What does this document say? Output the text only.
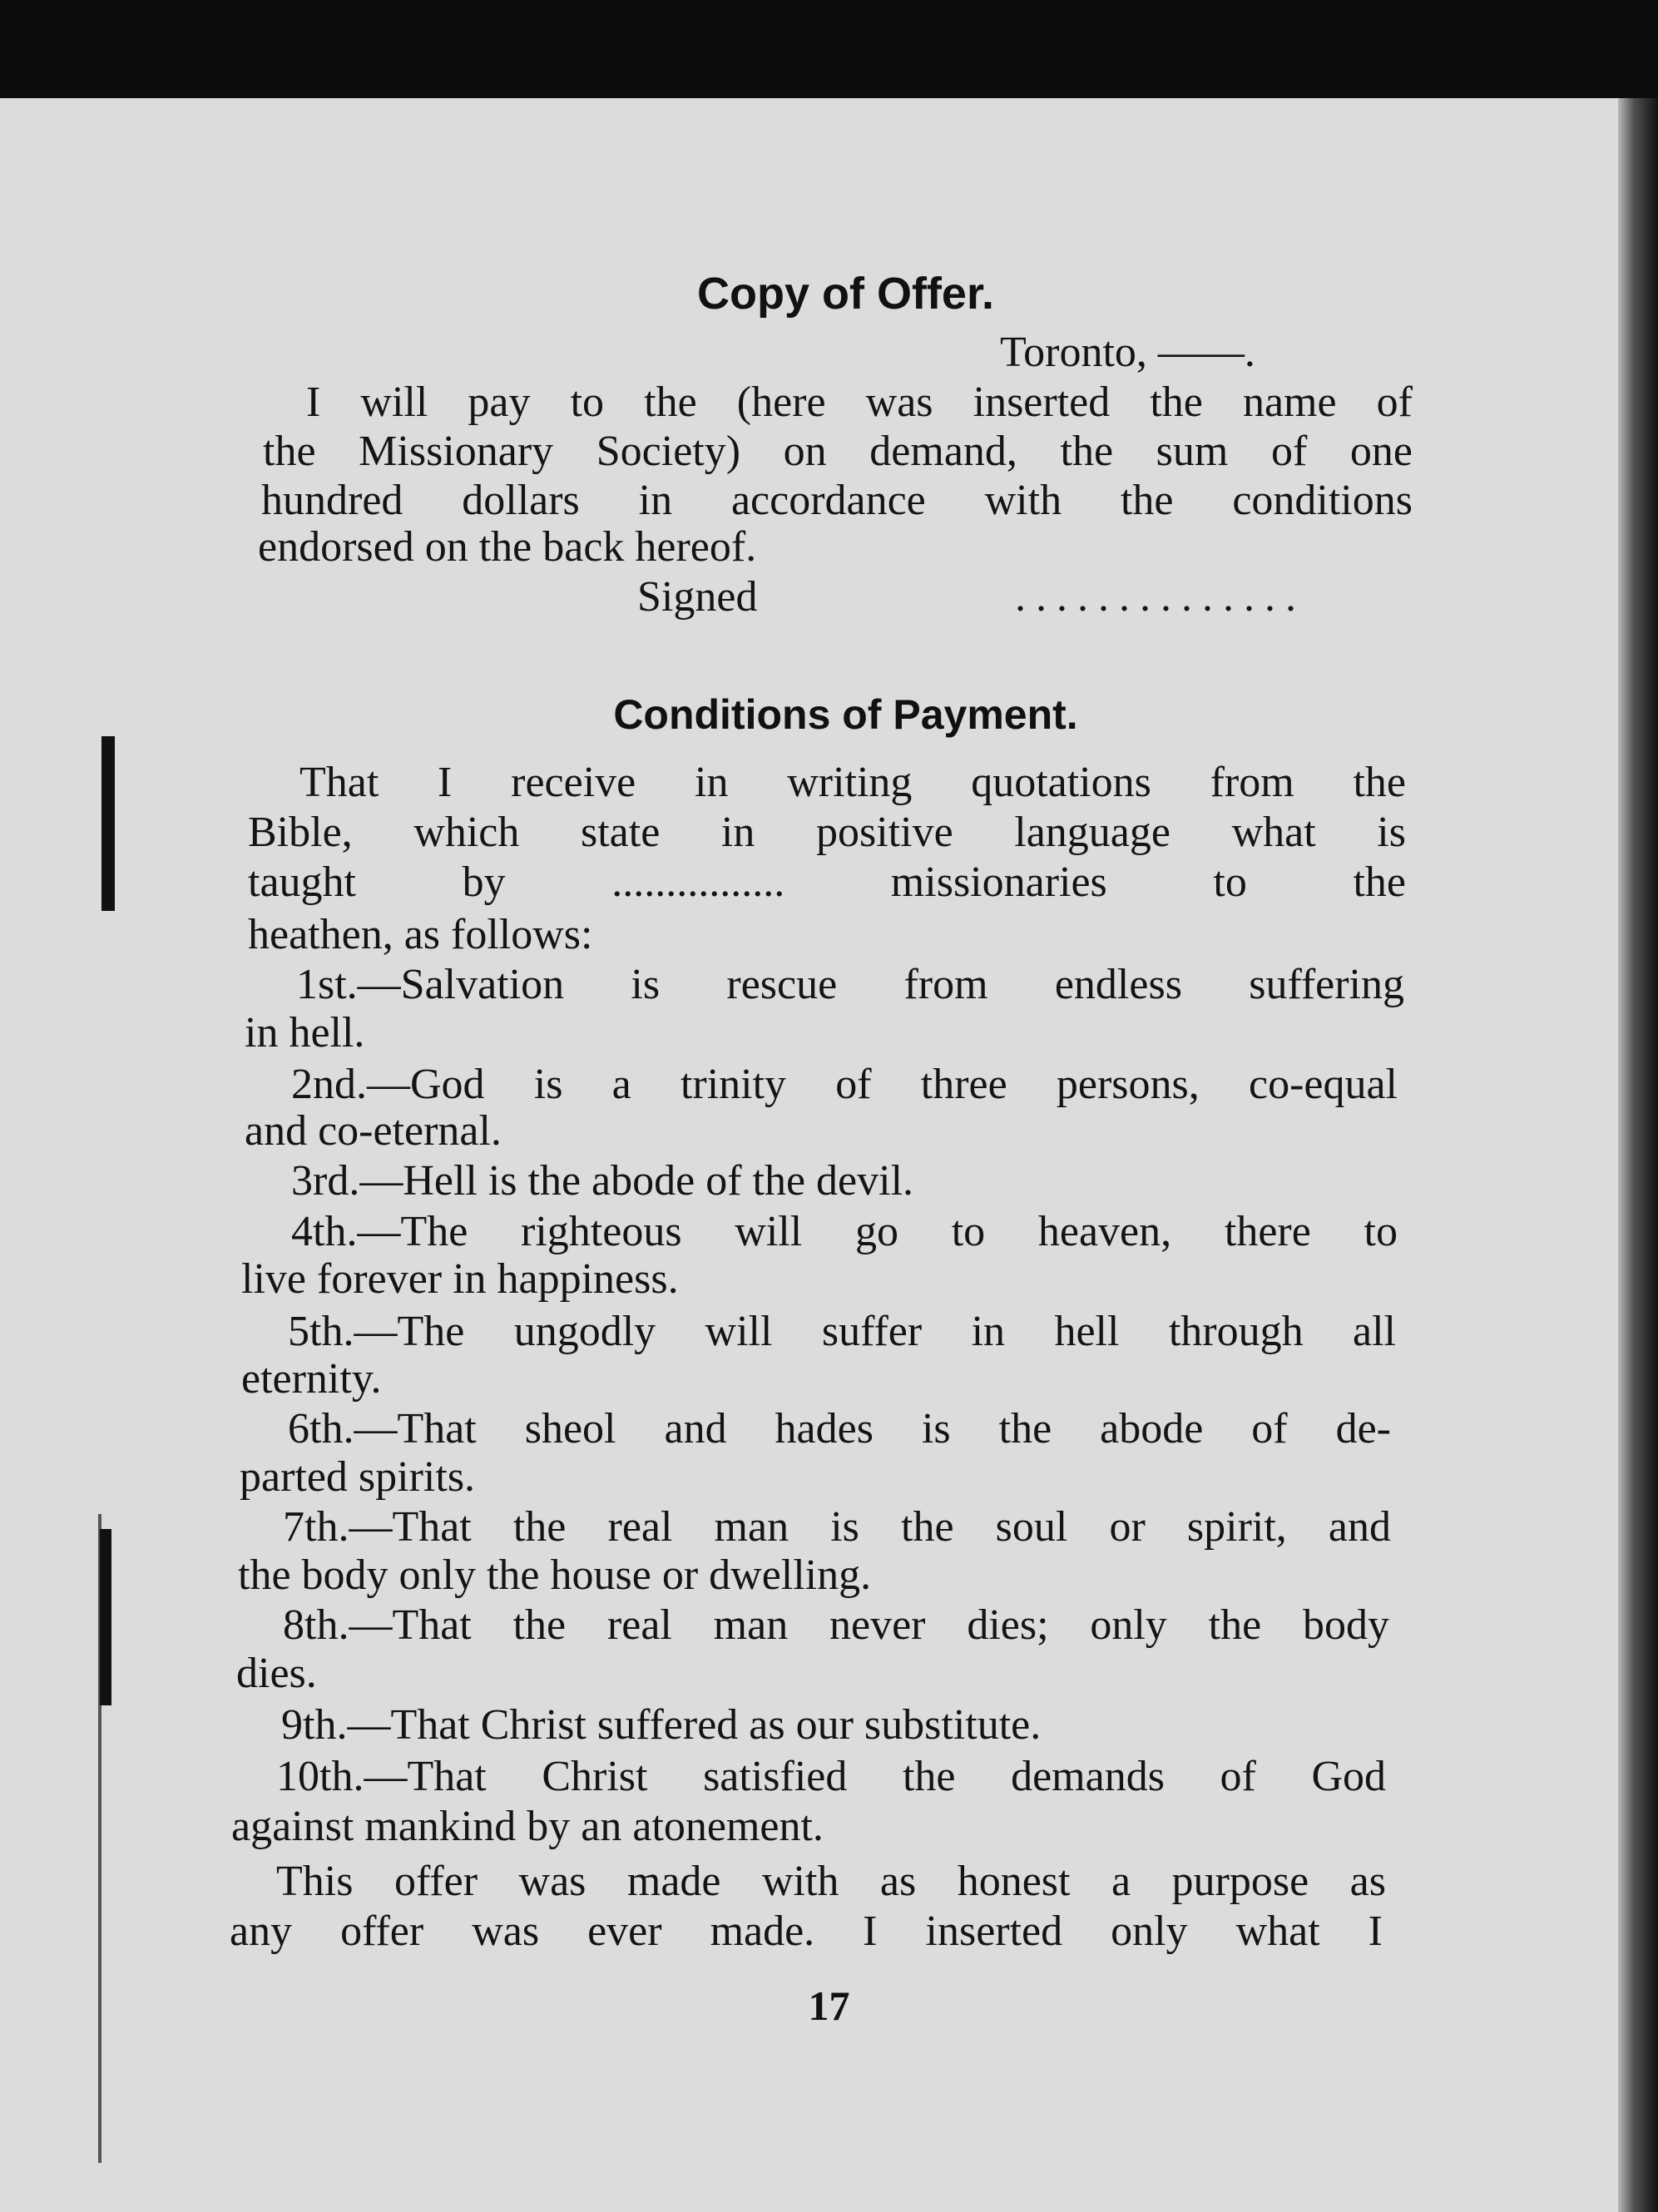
Copy of Offer.
Toronto, ——.
I will pay to the (here was inserted the name of
the Missionary Society) on demand, the sum of one
hundred dollars in accordance with the conditions
endorsed on the back hereof.
Signed	..............
Conditions of Payment.
That I receive in writing quotations from the
Bible, which state in positive language what is
taught by ................ missionaries to the
heathen, as follows:
1st.—Salvation is rescue from endless suffering
in hell.
2nd.—God is a trinity of three persons, co-equal
and co-eternal.
3rd.—Hell is the abode of the devil.
4th.—The righteous will go to heaven, there to
live forever in happiness.
5th.—The ungodly will suffer in hell through all
eternity.
6th.—That sheol and hades is the abode of de-
parted spirits.
7th.—That the real man is the soul or spirit, and
the body only the house or dwelling.
8th.—That the real man never dies; only the body
dies.
9th.—That Christ suffered as our substitute.
10th.—That Christ satisfied the demands of God
against mankind by an atonement.
This offer was made with as honest a purpose as
any offer was ever made. I inserted only what I
17
